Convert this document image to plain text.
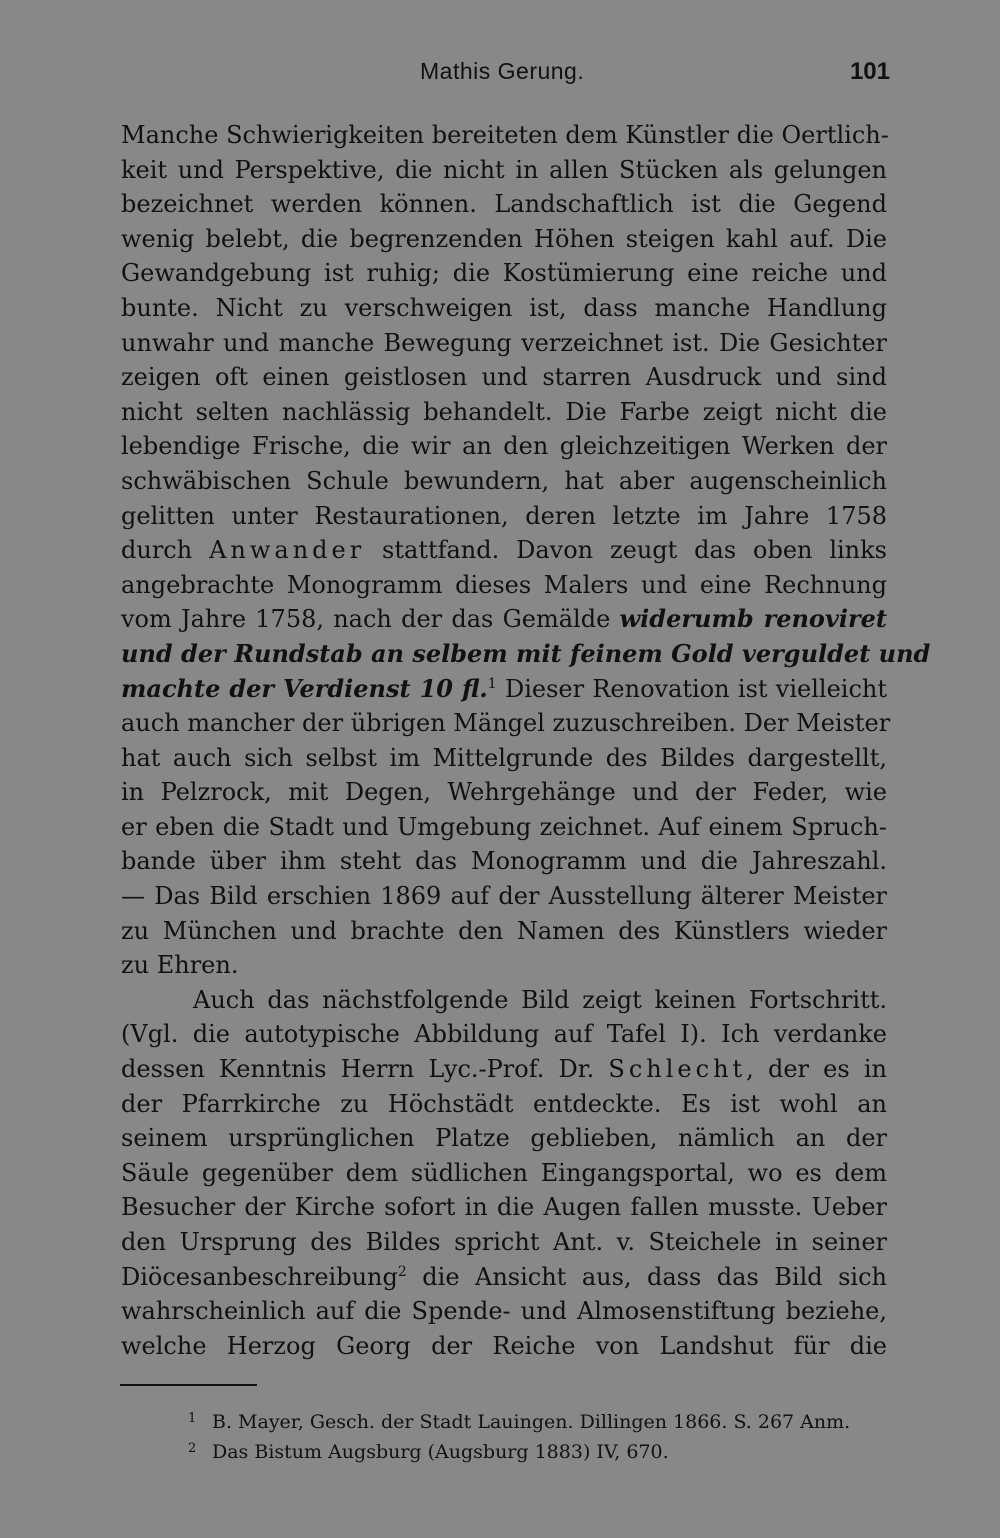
Mathis Gerung.	101
Manche Schwierigkeiten bereiteten dem Künstler die Oertlich-
keit und Perspektive, die nicht in allen Stücken als gelungen
bezeichnet werden können. Landschaftlich ist die Gegend
wenig belebt, die begrenzenden Höhen steigen kahl auf. Die
Gewandgebung ist ruhig; die Kostümierung eine reiche und
bunte. Nicht zu verschweigen ist, dass manche Handlung
unwahr und manche Bewegung verzeichnet ist. Die Gesichter
zeigen oft einen geistlosen und starren Ausdruck und sind
nicht selten nachlässig behandelt. Die Farbe zeigt nicht die
lebendige Frische, die wir an den gleichzeitigen Werken der
schwäbischen Schule bewundern, hat aber augenscheinlich
gelitten unter Restaurationen, deren letzte im Jahre 1758
durch Anwander stattfand. Davon zeugt das oben links
angebrachte Monogramm dieses Malers und eine Rechnung
vom Jahre 1758, nach der das Gemälde widerumb renoviret
und der Rundstab an selbem mit feinem Gold verguldet und
machte der Verdienst 10 fl.$^1$ Dieser Renovation ist vielleicht
auch mancher der übrigen Mängel zuzuschreiben. Der Meister
hat auch sich selbst im Mittelgrunde des Bildes dargestellt,
in Pelzrock, mit Degen, Wehrgehänge und der Feder, wie
er eben die Stadt und Umgebung zeichnet. Auf einem Spruch-
bande über ihm steht das Monogramm und die Jahreszahl.
— Das Bild erschien 1869 auf der Ausstellung älterer Meister
zu München und brachte den Namen des Künstlers wieder
zu Ehren.
Auch das nächstfolgende Bild zeigt keinen Fortschritt.
(Vgl. die autotypische Abbildung auf Tafel I). Ich verdanke
dessen Kenntnis Herrn Lyc.-Prof. Dr. Schlecht, der es in
der Pfarrkirche zu Höchstädt entdeckte. Es ist wohl an
seinem ursprünglichen Platze geblieben, nämlich an der
Säule gegenüber dem südlichen Eingangsportal, wo es dem
Besucher der Kirche sofort in die Augen fallen musste. Ueber
den Ursprung des Bildes spricht Ant. v. Steichele in seiner
Diöcesanbeschreibung$^2$ die Ansicht aus, dass das Bild sich
wahrscheinlich auf die Spende- und Almosenstiftung beziehe,
welche Herzog Georg der Reiche von Landshut für die
1 B. Mayer, Gesch. der Stadt Lauingen. Dillingen 1866. S. 267 Anm.
2 Das Bistum Augsburg (Augsburg 1883) IV, 670.
